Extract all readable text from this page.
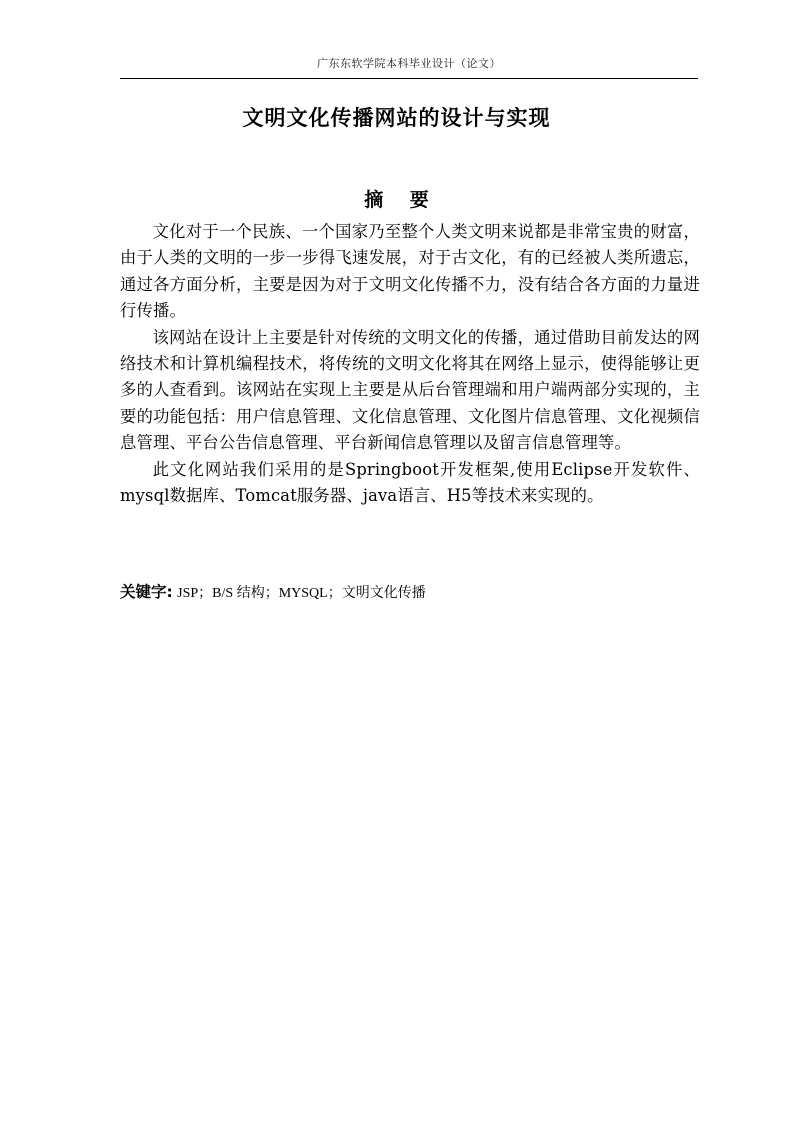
广东东软学院本科毕业设计（论文）
文明文化传播网站的设计与实现
摘 要

文化对于一个民族、一个国家乃至整个人类文明来说都是非常宝贵的财富，由于人类的文明的一步一步得飞速发展，对于古文化，有的已经被人类所遗忘，通过各方面分析，主要是因为对于文明文化传播不力，没有结合各方面的力量进行传播。

该网站在设计上主要是针对传统的文明文化的传播，通过借助目前发达的网络技术和计算机编程技术，将传统的文明文化将其在网络上显示，使得能够让更多的人查看到。该网站在实现上主要是从后台管理端和用户端两部分实现的，主要的功能包括：用户信息管理、文化信息管理、文化图片信息管理、文化视频信息管理、平台公告信息管理、平台新闻信息管理以及留言信息管理等。

此文化网站我们采用的是Springboot开发框架,使用Eclipse开发软件、mysql数据库、Tomcat服务器、java语言、H5等技术来实现的。

关键字: JSP；B/S 结构；MYSQL；文明文化传播
